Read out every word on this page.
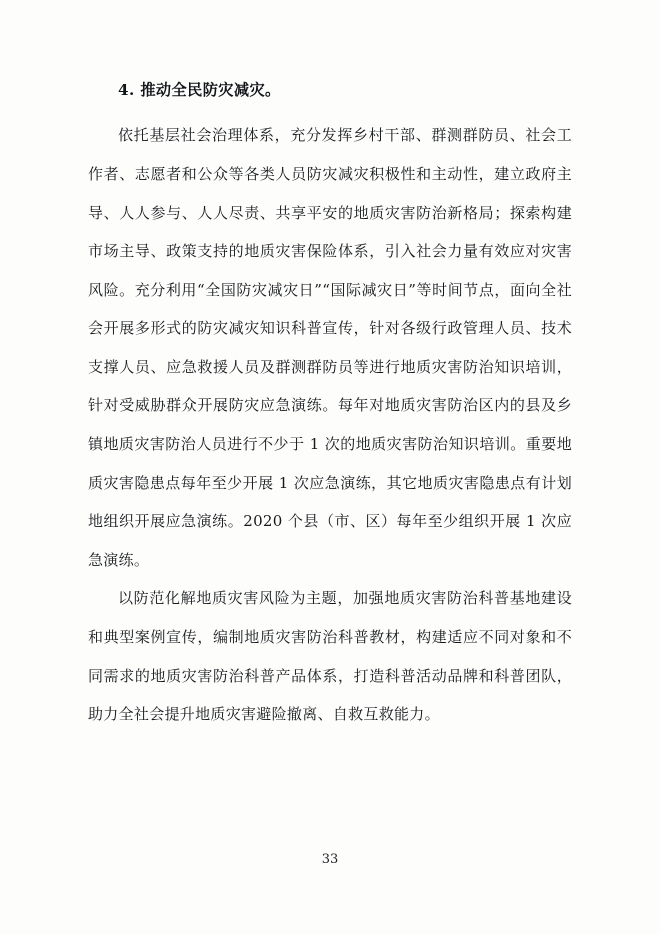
4. 推动全民防灾减灾。

依托基层社会治理体系，充分发挥乡村干部、群测群防员、社会工作者、志愿者和公众等各类人员防灾减灾积极性和主动性，建立政府主导、人人参与、人人尽责、共享平安的地质灾害防治新格局；探索构建市场主导、政策支持的地质灾害保险体系，引入社会力量有效应对灾害风险。充分利用“全国防灾减灾日”“国际减灾日”等时间节点，面向全社会开展多形式的防灾减灾知识科普宣传，针对各级行政管理人员、技术支撑人员、应急救援人员及群测群防员等进行地质灾害防治知识培训，针对受威胁群众开展防灾应急演练。每年对地质灾害防治区内的县及乡镇地质灾害防治人员进行不少于 1 次的地质灾害防治知识培训。重要地质灾害隐患点每年至少开展 1 次应急演练，其它地质灾害隐患点有计划地组织开展应急演练。2020 个县（市、区）每年至少组织开展 1 次应急演练。

以防范化解地质灾害风险为主题，加强地质灾害防治科普基地建设和典型案例宣传，编制地质灾害防治科普教材，构建适应不同对象和不同需求的地质灾害防治科普产品体系，打造科普活动品牌和科普团队，助力全社会提升地质灾害避险撤离、自救互救能力。

33
